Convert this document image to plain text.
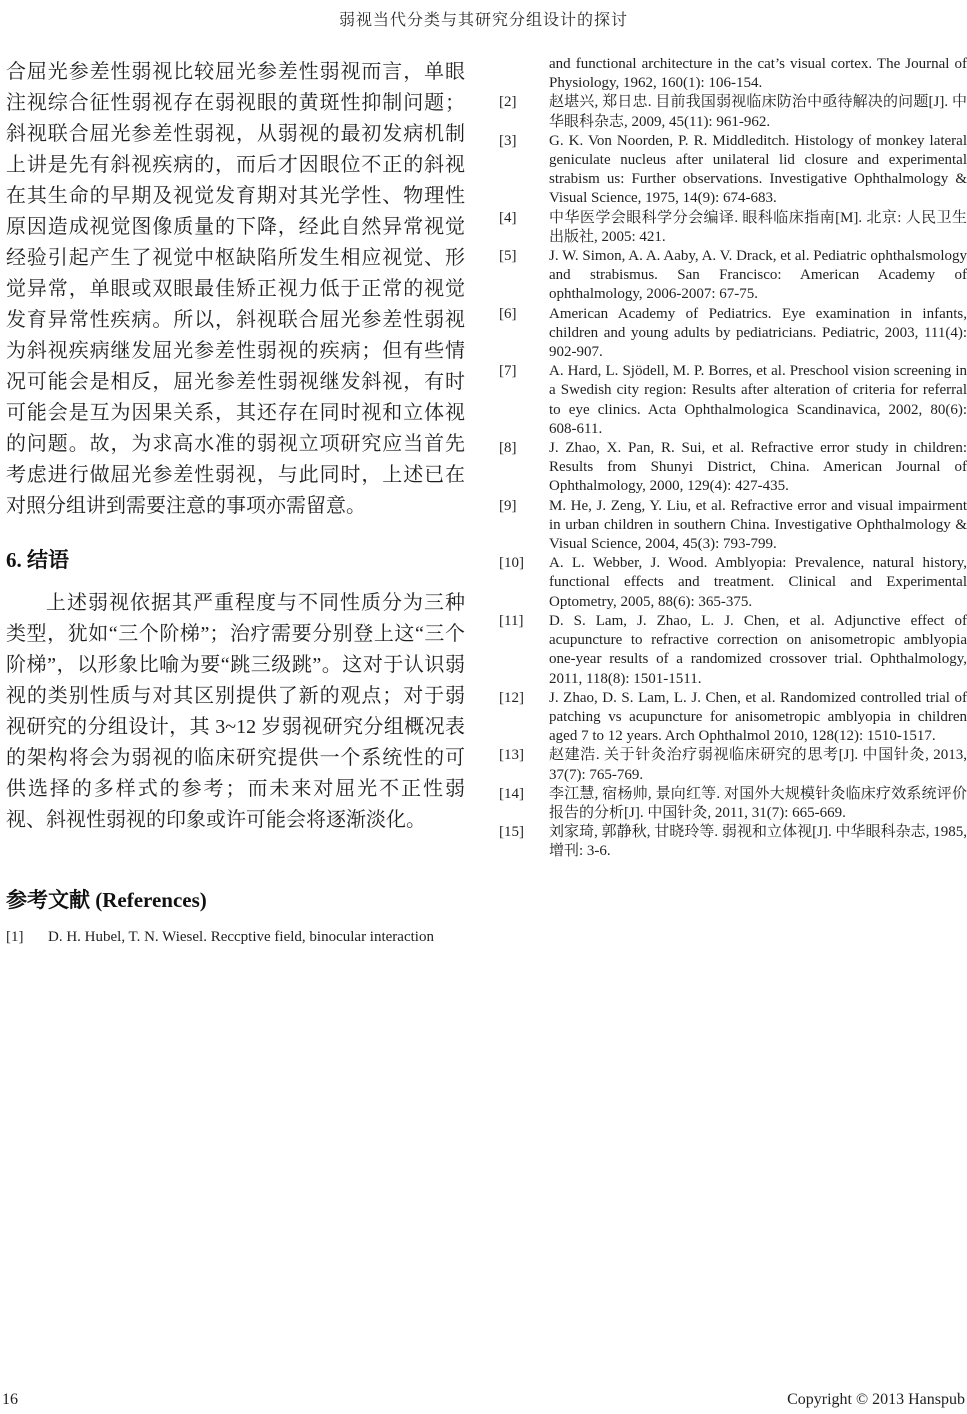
弱视当代分类与其研究分组设计的探讨

合屈光参差性弱视比较屈光参差性弱视而言，单眼注视综合征性弱视存在弱视眼的黄斑性抑制问题；斜视联合屈光参差性弱视，从弱视的最初发病机制上讲是先有斜视疾病的，而后才因眼位不正的斜视在其生命的早期及视觉发育期对其光学性、物理性原因造成视觉图像质量的下降，经此自然异常视觉经验引起产生了视觉中枢缺陷所发生相应视觉、形觉异常，单眼或双眼最佳矫正视力低于正常的视觉发育异常性疾病。所以，斜视联合屈光参差性弱视为斜视疾病继发屈光参差性弱视的疾病；但有些情况可能会是相反，屈光参差性弱视继发斜视，有时可能会是互为因果关系，其还存在同时视和立体视的问题。故，为求高水准的弱视立项研究应当首先考虑进行做屈光参差性弱视，与此同时，上述已在对照分组讲到需要注意的事项亦需留意。

6. 结语

上述弱视依据其严重程度与不同性质分为三种类型，犹如“三个阶梯”；治疗需要分别登上这“三个阶梯”，以形象比喻为要“跳三级跳”。这对于认识弱视的类别性质与对其区别提供了新的观点；对于弱视研究的分组设计，其 3~12 岁弱视研究分组概况表的架构将会为弱视的临床研究提供一个系统性的可供选择的多样式的参考；而未来对屈光不正性弱视、斜视性弱视的印象或许可能会将逐渐淡化。

参考文献 (References)
[1] D. H. Hubel, T. N. Wiesel. Reccptive field, binocular interaction
and functional architecture in the cat’s visual cortex. The Journal of Physiology, 1962, 160(1): 106-154.
[2] 赵堪兴, 郑日忠. 目前我国弱视临床防治中亟待解决的问题[J]. 中华眼科杂志, 2009, 45(11): 961-962.
[3] G. K. Von Noorden, P. R. Middleditch. Histology of monkey lateral geniculate nucleus after unilateral lid closure and experimental strabism us: Further observations. Investigative Ophthalmology & Visual Science, 1975, 14(9): 674-683.
[4] 中华医学会眼科学分会编译. 眼科临床指南[M]. 北京: 人民卫生出版社, 2005: 421.
[5] J. W. Simon, A. A. Aaby, A. V. Drack, et al. Pediatric ophthalsmology and strabismus. San Francisco: American Academy of ophthalmology, 2006-2007: 67-75.
[6] American Academy of Pediatrics. Eye examination in infants, children and young adults by pediatricians. Pediatric, 2003, 111(4): 902-907.
[7] A. Hard, L. Sjödell, M. P. Borres, et al. Preschool vision screening in a Swedish city region: Results after alteration of criteria for referral to eye clinics. Acta Ophthalmologica Scandinavica, 2002, 80(6): 608-611.
[8] J. Zhao, X. Pan, R. Sui, et al. Refractive error study in children: Results from Shunyi District, China. American Journal of Ophthalmology, 2000, 129(4): 427-435.
[9] M. He, J. Zeng, Y. Liu, et al. Refractive error and visual impairment in urban children in southern China. Investigative Ophthalmology & Visual Science, 2004, 45(3): 793-799.
[10] A. L. Webber, J. Wood. Amblyopia: Prevalence, natural history, functional effects and treatment. Clinical and Experimental Optometry, 2005, 88(6): 365-375.
[11] D. S. Lam, J. Zhao, L. J. Chen, et al. Adjunctive effect of acupuncture to refractive correction on anisometropic amblyopia one-year results of a randomized crossover trial. Ophthalmology, 2011, 118(8): 1501-1511.
[12] J. Zhao, D. S. Lam, L. J. Chen, et al. Randomized controlled trial of patching vs acupuncture for anisometropic amblyopia in children aged 7 to 12 years. Arch Ophthalmol 2010, 128(12): 1510-1517.
[13] 赵建浩. 关于针灸治疗弱视临床研究的思考[J]. 中国针灸, 2013, 37(7): 765-769.
[14] 李江慧, 宿杨帅, 景向红等. 对国外大规模针灸临床疗效系统评价报告的分析[J]. 中国针灸, 2011, 31(7): 665-669.
[15] 刘家琦, 郭静秋, 甘晓玲等. 弱视和立体视[J]. 中华眼科杂志, 1985, 增刊: 3-6.
16	Copyright © 2013 Hanspub
